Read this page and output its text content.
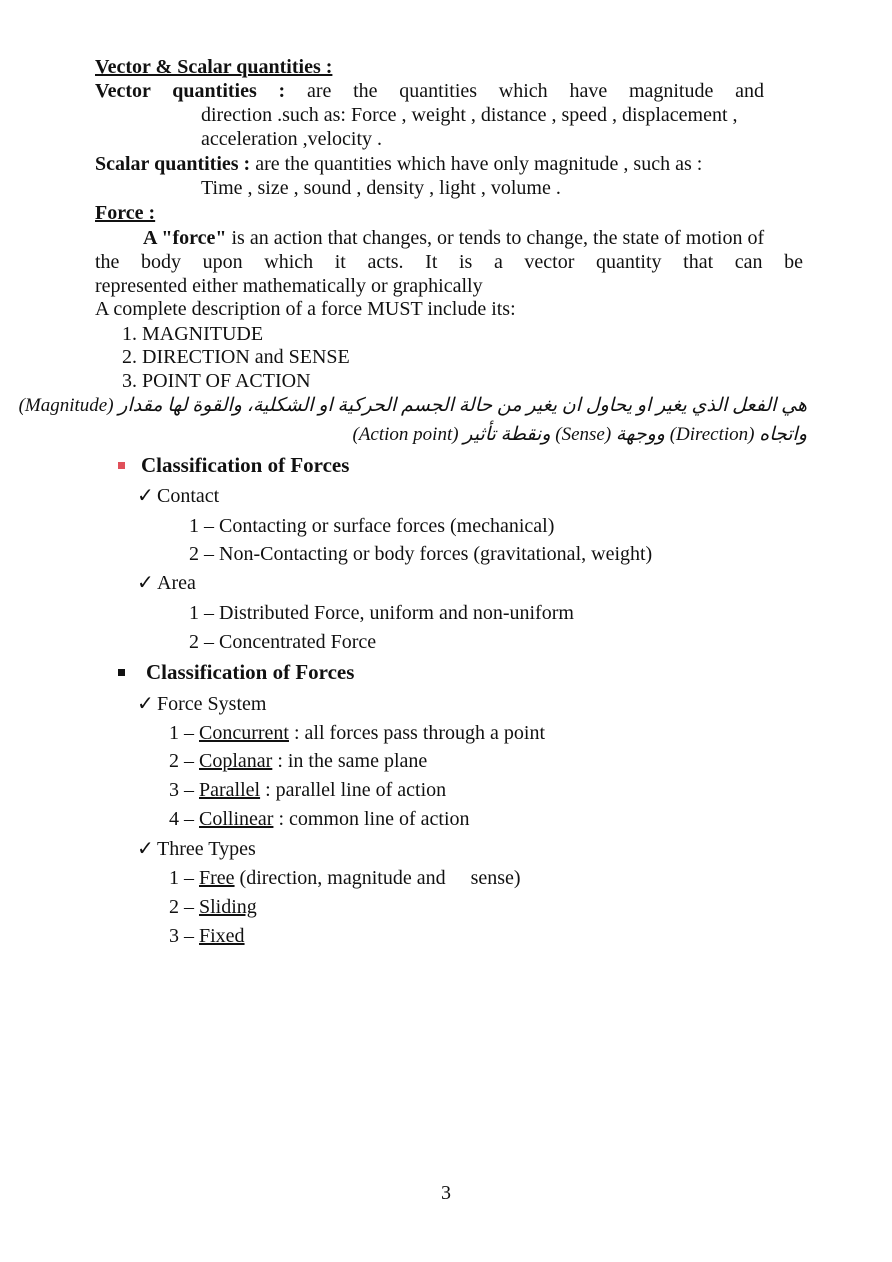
Vector & Scalar quantities :
Vector quantities : are the quantities which have magnitude and
direction .such as: Force , weight , distance , speed , displacement ,
acceleration ,velocity .
Scalar quantities : are the quantities which have only magnitude , such as :
Time , size , sound , density , light , volume .
Force :
A "force" is an action that changes, or tends to change, the state of motion of
the body upon which it acts. It is a vector quantity that can be
represented either mathematically or graphically
A complete description of a force MUST include its:
1. MAGNITUDE
2. DIRECTION and SENSE
3. POINT OF ACTION
هي الفعل الذي يغير او يحاول ان يغير من حالة الجسم الحركية او الشكلية، والقوة لها مقدار (Magnitude)
واتجاه (Direction) ووجهة (Sense) ونقطة تأثير (Action point)
Classification of Forces
✓ Contact
1 – Contacting or surface forces (mechanical)
2 – Non-Contacting or body forces (gravitational, weight)
✓ Area
1 – Distributed Force, uniform and non-uniform
2 – Concentrated Force
Classification of Forces
✓ Force System
1 – Concurrent : all forces pass through a point
2 – Coplanar : in the same plane
3 – Parallel : parallel line of action
4 – Collinear : common line of action
✓ Three Types
1 – Free (direction, magnitude and     sense)
2 – Sliding
3 – Fixed
3
